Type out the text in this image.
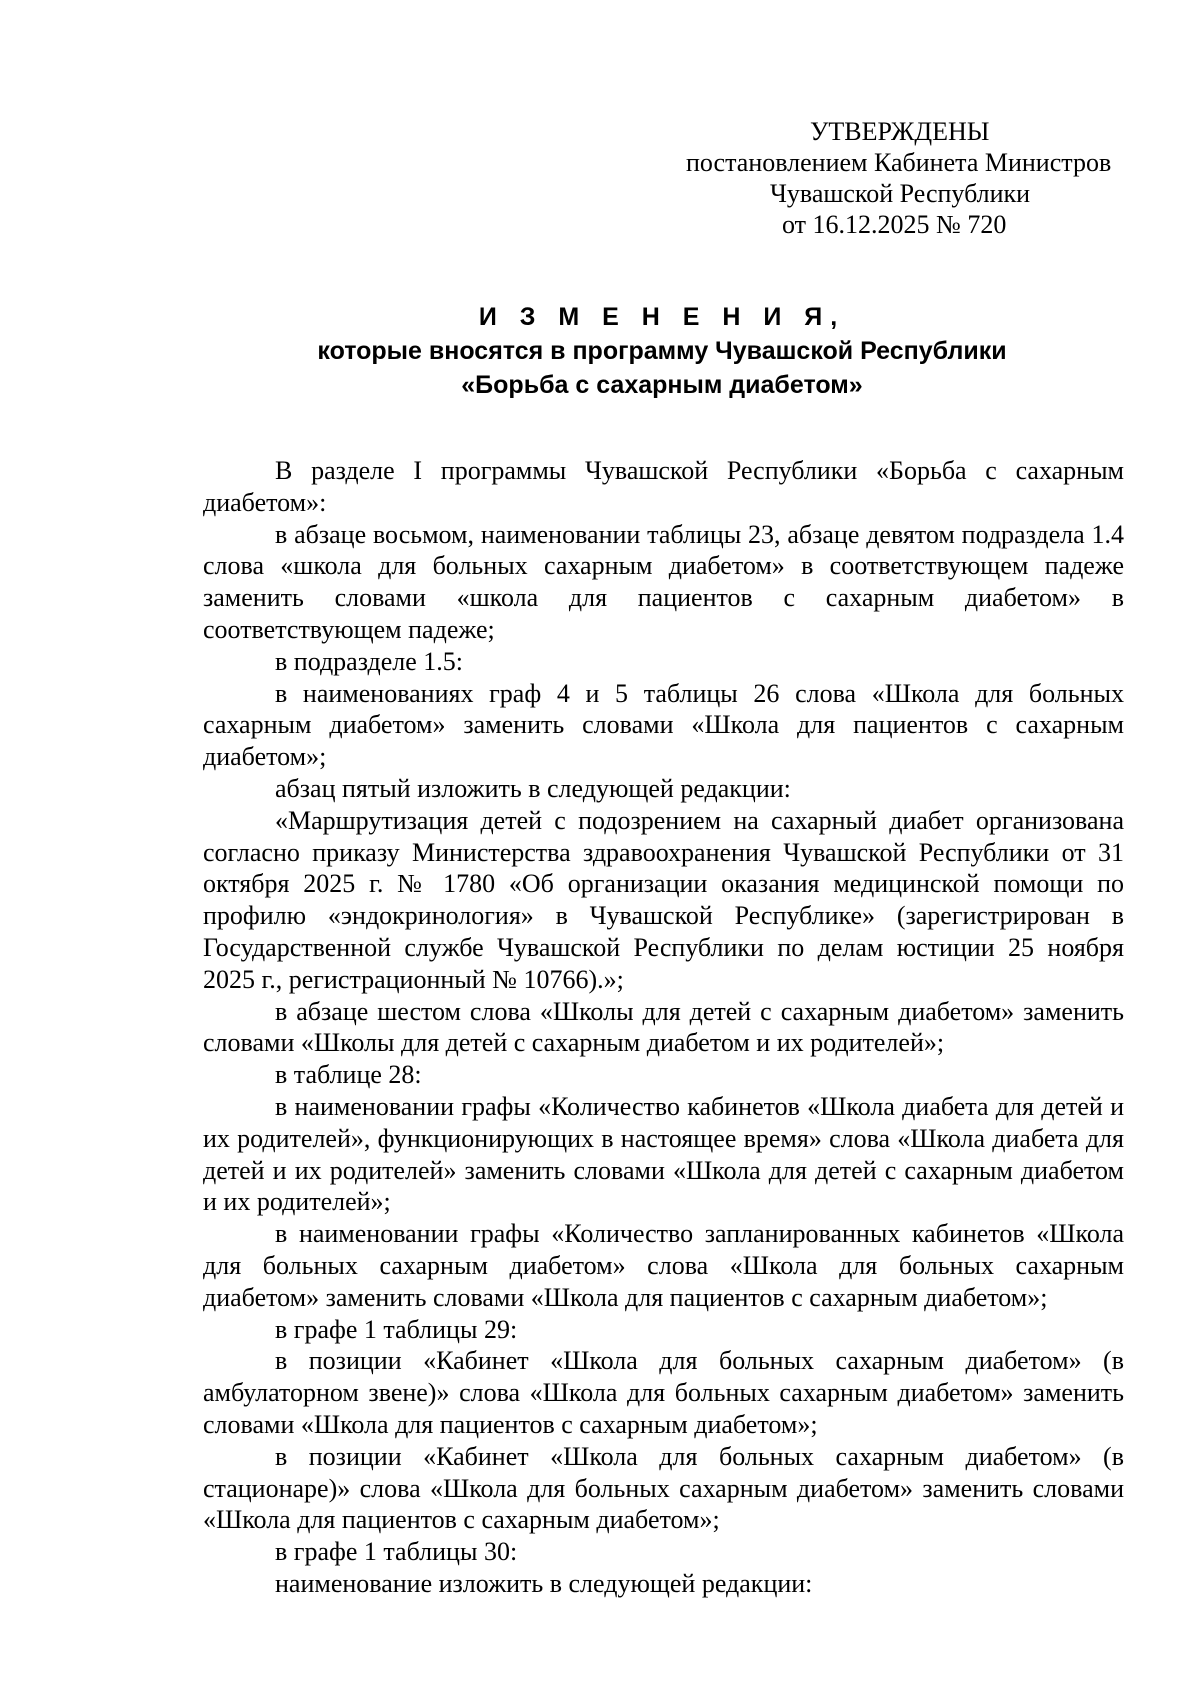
УТВЕРЖДЕНЫ
постановлением Кабинета Министров
Чувашской Республики
от 16.12.2025 № 720
И З М Е Н Е Н И Я,
которые вносятся в программу Чувашской Республики
«Борьба с сахарным диабетом»

В разделе I программы Чувашской Республики «Борьба с сахарным диабетом»:

в абзаце восьмом, наименовании таблицы 23, абзаце девятом подраздела 1.4 слова «школа для больных сахарным диабетом» в соответствующем падеже заменить словами «школа для пациентов с сахарным диабетом» в соответствующем падеже;

в подразделе 1.5:

в наименованиях граф 4 и 5 таблицы 26 слова «Школа для больных сахарным диабетом» заменить словами «Школа для пациентов с сахарным диабетом»;

абзац пятый изложить в следующей редакции:

«Маршрутизация детей с подозрением на сахарный диабет организована согласно приказу Министерства здравоохранения Чувашской Республики от 31 октября 2025 г. № 1780 «Об организации оказания медицинской помощи по профилю «эндокринология» в Чувашской Республике» (зарегистрирован в Государственной службе Чувашской Республики по делам юстиции 25 ноября 2025 г., регистрационный № 10766).»;

в абзаце шестом слова «Школы для детей с сахарным диабетом» заменить словами «Школы для детей с сахарным диабетом и их родителей»;

в таблице 28:

в наименовании графы «Количество кабинетов «Школа диабета для детей и их родителей», функционирующих в настоящее время» слова «Школа диабета для детей и их родителей» заменить словами «Школа для детей с сахарным диабетом и их родителей»;

в наименовании графы «Количество запланированных кабинетов «Школа для больных сахарным диабетом» слова «Школа для больных сахарным диабетом» заменить словами «Школа для пациентов с сахарным диабетом»;

в графе 1 таблицы 29:

в позиции «Кабинет «Школа для больных сахарным диабетом» (в амбулаторном звене)» слова «Школа для больных сахарным диабетом» заменить словами «Школа для пациентов с сахарным диабетом»;

в позиции «Кабинет «Школа для больных сахарным диабетом» (в стационаре)» слова «Школа для больных сахарным диабетом» заменить словами «Школа для пациентов с сахарным диабетом»;

в графе 1 таблицы 30:

наименование изложить в следующей редакции:
